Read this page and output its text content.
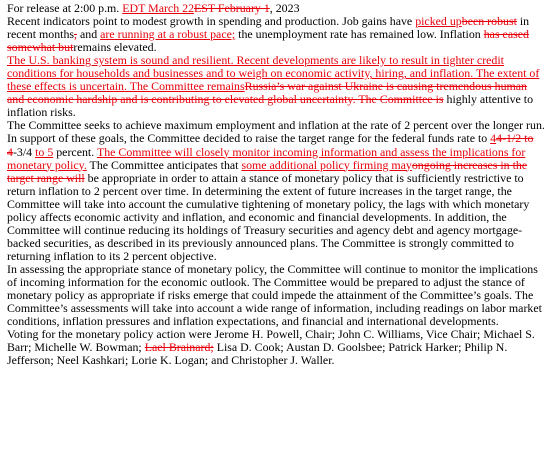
For release at 2:00 p.m. EDT March 22EST February 1, 2023

Recent indicators point to modest growth in spending and production. Job gains have picked upbeen robust in recent months, and are running at a robust pace; the unemployment rate has remained low. Inflation has eased somewhat butremains elevated.

The U.S. banking system is sound and resilient. Recent developments are likely to result in tighter credit conditions for households and businesses and to weigh on economic activity, hiring, and inflation. The extent of these effects is uncertain. The Committee remainsRussia’s war against Ukraine is causing tremendous human and economic hardship and is contributing to elevated global uncertainty. The Committee is highly attentive to inflation risks.

The Committee seeks to achieve maximum employment and inflation at the rate of 2 percent over the longer run. In support of these goals, the Committee decided to raise the target range for the federal funds rate to 44-1/2 to 4-3/4 to 5 percent. The Committee will closely monitor incoming information and assess the implications for monetary policy. The Committee anticipates that some additional policy firming mayongoing increases in the target range will be appropriate in order to attain a stance of monetary policy that is sufficiently restrictive to return inflation to 2 percent over time. In determining the extent of future increases in the target range, the Committee will take into account the cumulative tightening of monetary policy, the lags with which monetary policy affects economic activity and inflation, and economic and financial developments. In addition, the Committee will continue reducing its holdings of Treasury securities and agency debt and agency mortgage-backed securities, as described in its previously announced plans. The Committee is strongly committed to returning inflation to its 2 percent objective.

In assessing the appropriate stance of monetary policy, the Committee will continue to monitor the implications of incoming information for the economic outlook. The Committee would be prepared to adjust the stance of monetary policy as appropriate if risks emerge that could impede the attainment of the Committee’s goals. The Committee’s assessments will take into account a wide range of information, including readings on labor market conditions, inflation pressures and inflation expectations, and financial and international developments.

Voting for the monetary policy action were Jerome H. Powell, Chair; John C. Williams, Vice Chair; Michael S. Barr; Michelle W. Bowman; Lael Brainard; Lisa D. Cook; Austan D. Goolsbee; Patrick Harker; Philip N. Jefferson; Neel Kashkari; Lorie K. Logan; and Christopher J. Waller.
